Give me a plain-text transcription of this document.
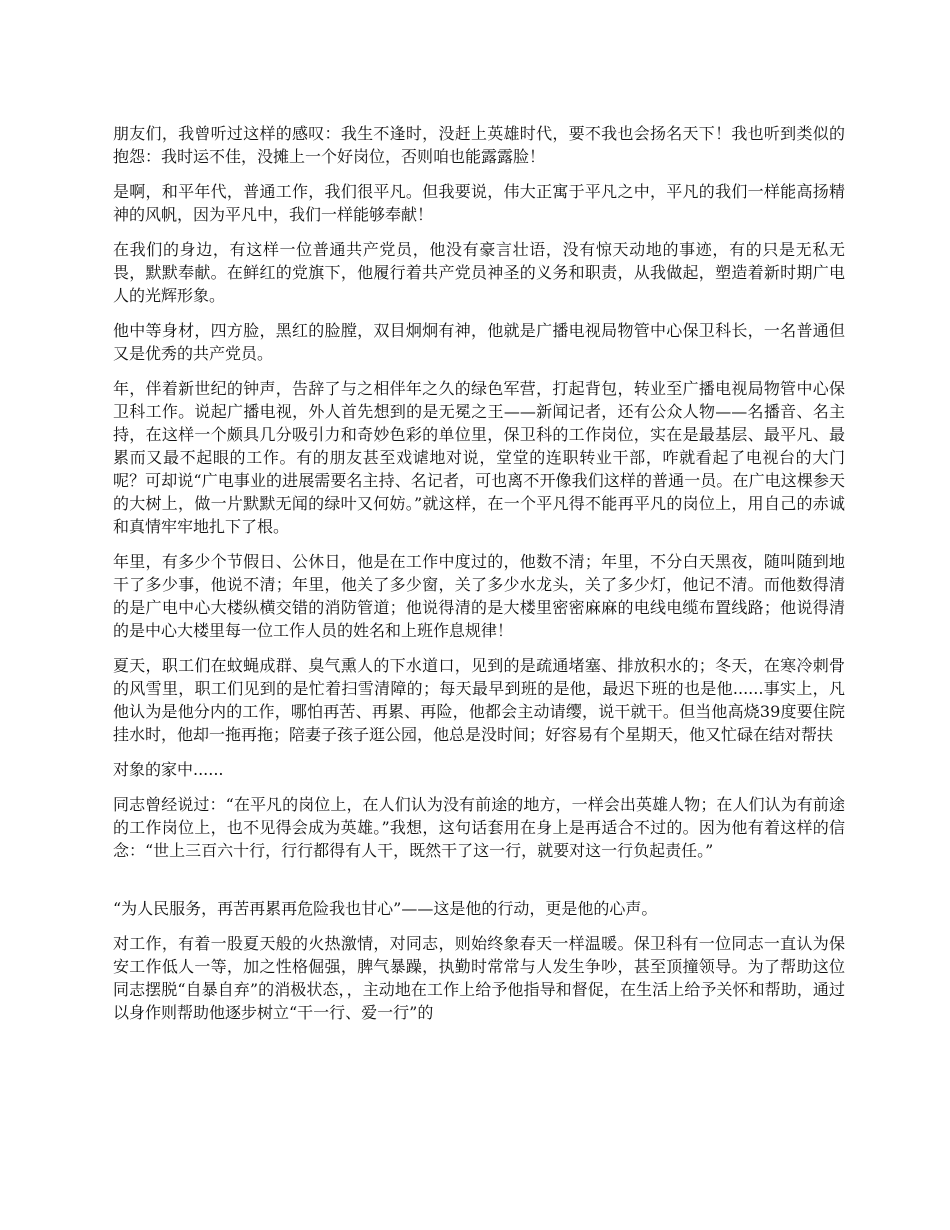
朋友们，我曾听过这样的感叹：我生不逢时，没赶上英雄时代，要不我也会扬名天下！我也听到类似的抱怨：我时运不佳，没摊上一个好岗位，否则咱也能露露脸！

是啊，和平年代，普通工作，我们很平凡。但我要说，伟大正寓于平凡之中，平凡的我们一样能高扬精神的风帆，因为平凡中，我们一样能够奉献！

在我们的身边，有这样一位普通共产党员，他没有豪言壮语，没有惊天动地的事迹，有的只是无私无畏，默默奉献。在鲜红的党旗下，他履行着共产党员神圣的义务和职责，从我做起，塑造着新时期广电人的光辉形象。

他中等身材，四方脸，黑红的脸膛，双目炯炯有神，他就是广播电视局物管中心保卫科长，一名普通但又是优秀的共产党员。

年，伴着新世纪的钟声，告辞了与之相伴年之久的绿色军营，打起背包，转业至广播电视局物管中心保卫科工作。说起广播电视，外人首先想到的是无冕之王——新闻记者，还有公众人物——名播音、名主持，在这样一个颇具几分吸引力和奇妙色彩的单位里，保卫科的工作岗位，实在是最基层、最平凡、最累而又最不起眼的工作。有的朋友甚至戏谑地对说，堂堂的连职转业干部，咋就看起了电视台的大门呢？可却说“广电事业的进展需要名主持、名记者，可也离不开像我们这样的普通一员。在广电这棵参天的大树上，做一片默默无闻的绿叶又何妨。”就这样，在一个平凡得不能再平凡的岗位上，用自己的赤诚和真情牢牢地扎下了根。

年里，有多少个节假日、公休日，他是在工作中度过的，他数不清；年里，不分白天黑夜，随叫随到地干了多少事，他说不清；年里，他关了多少窗，关了多少水龙头，关了多少灯，他记不清。而他数得清的是广电中心大楼纵横交错的消防管道；他说得清的是大楼里密密麻麻的电线电缆布置线路；他说得清的是中心大楼里每一位工作人员的姓名和上班作息规律！

夏天，职工们在蚊蝇成群、臭气熏人的下水道口，见到的是疏通堵塞、排放积水的；冬天，在寒冷刺骨的风雪里，职工们见到的是忙着扫雪清障的；每天最早到班的是他，最迟下班的也是他......事实上，凡他认为是他分内的工作，哪怕再苦、再累、再险，他都会主动请缨，说干就干。但当他高烧39度要住院挂水时，他却一拖再拖；陪妻子孩子逛公园，他总是没时间；好容易有个星期天，他又忙碌在结对帮扶

对象的家中......

同志曾经说过：“在平凡的岗位上，在人们认为没有前途的地方，一样会出英雄人物；在人们认为有前途的工作岗位上，也不见得会成为英雄。”我想，这句话套用在身上是再适合不过的。因为他有着这样的信念：“世上三百六十行，行行都得有人干，既然干了这一行，就要对这一行负起责任。”

“为人民服务，再苦再累再危险我也甘心”——这是他的行动，更是他的心声。

对工作，有着一股夏天般的火热激情，对同志，则始终象春天一样温暖。保卫科有一位同志一直认为保安工作低人一等，加之性格倔强，脾气暴躁，执勤时常常与人发生争吵，甚至顶撞领导。为了帮助这位同志摆脱“自暴自弃”的消极状态，，主动地在工作上给予他指导和督促，在生活上给予关怀和帮助，通过以身作则帮助他逐步树立“干一行、爱一行”的
